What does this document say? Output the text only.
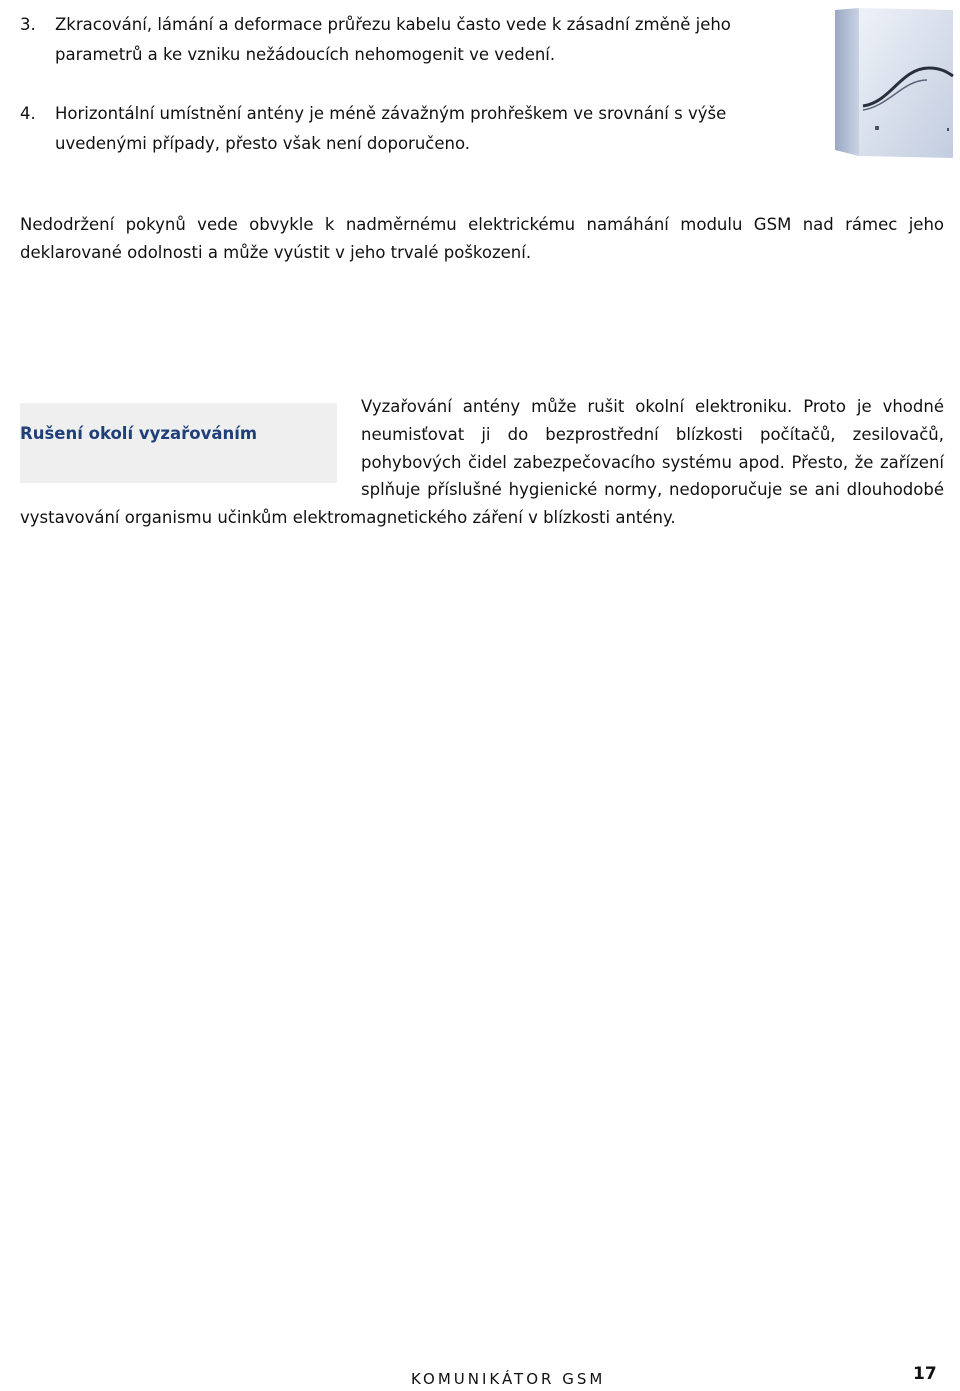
3. Zkracování, lámání a deformace průřezu kabelu často vede k zásadní změně jeho parametrů a ke vzniku nežádoucích nehomogenit ve vedení.
4. Horizontální umístnění antény je méně závažným prohřeškem ve srovnání s výše uvedenými případy, přesto však není doporučeno.

Nedodržení pokynů vede obvykle k nadměrnému elektrickému namáhání modulu GSM nad rámec jeho deklarované odolnosti a může vyústit v jeho trvalé poškození.

Rušení okolí vyzařováním

Vyzařování antény může rušit okolní elektroniku. Proto je vhodné neumisťovat ji do bezprostřední blízkosti počítačů, zesilovačů, pohybových čidel zabezpečovacího systému apod. Přesto, že zařízení splňuje příslušné hygienické normy, nedoporučuje se ani dlouhodobé vystavování organismu učinkům elektromagnetického záření v blízkosti antény.

KOMUNIKÁTOR GSM	17
